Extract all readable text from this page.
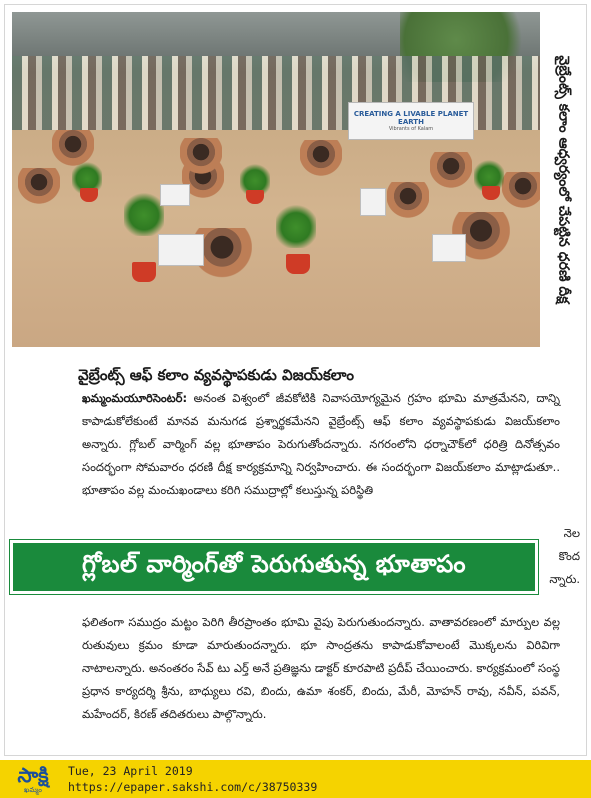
CREATING A LIVABLE PLANET EARTH
Vibrants of Kalam	వైబ్రేంట్స్ కలాం ఆధ్వర్యంలో చేపట్టిన ధరణి దీక్ష
వైబ్రేంట్స్ ఆఫ్ కలాం వ్యవస్థాపకుడు విజయ్‌కలాం

ఖమ్మంమయూరిసెంటర్: అనంత విశ్వంలో జీవకోటికి నివాసయోగ్యమైన గ్రహం భూమి మాత్రమేనని, దాన్ని కాపాడుకోలేకుంటే మానవ మనుగడ ప్రశ్నార్థకమేనని వైబ్రేంట్స్ ఆఫ్ కలాం వ్యవస్థాపకుడు విజయ్‌కలాం అన్నారు. గ్లోబల్ వార్మింగ్ వల్ల భూతాపం పెరుగుతోందన్నారు. నగరంలోని ధర్నాచౌక్‌లో ధరిత్రి దినోత్సవం సందర్భంగా సోమవారం ధరణి దీక్ష కార్యక్రమాన్ని నిర్వహించారు. ఈ సందర్భంగా విజయ్‌కలాం మాట్లాడుతూ.. భూతాపం వల్ల మంచుఖండాలు కరిగి సముద్రాల్లో కలుస్తున్న పరిస్థితి

నెల
కొంద
న్నారు.
గ్లోబల్ వార్మింగ్‌తో పెరుగుతున్న భూతాపం

ఫలితంగా సముద్రం మట్టం పెరిగి తీరప్రాంతం భూమి వైపు పెరుగుతుందన్నారు. వాతావరణంలో మార్పుల వల్ల రుతువులు క్రమం కూడా మారుతుందన్నారు. భూ సాంద్రతను కాపాడుకోవాలంటే మొక్కలను విరివిగా నాటాలన్నారు. అనంతరం సేవ్ టు ఎర్త్ అనే ప్రతిజ్ఞను డాక్టర్ కూరపాటి ప్రదీప్ చేయించారు. కార్యక్రమంలో సంస్థ ప్రధాన కార్యదర్శి శ్రీను, బాధ్యులు రవి, బిందు, ఉమా శంకర్, బిందు, మేరీ, మోహన్ రావు, నవీన్, పవన్, మహేందర్, కిరణ్ తదితరులు పాల్గొన్నారు.

సాక్షి
ఖమ్మం
Tue, 23 April 2019
https://epaper.sakshi.com/c/38750339
